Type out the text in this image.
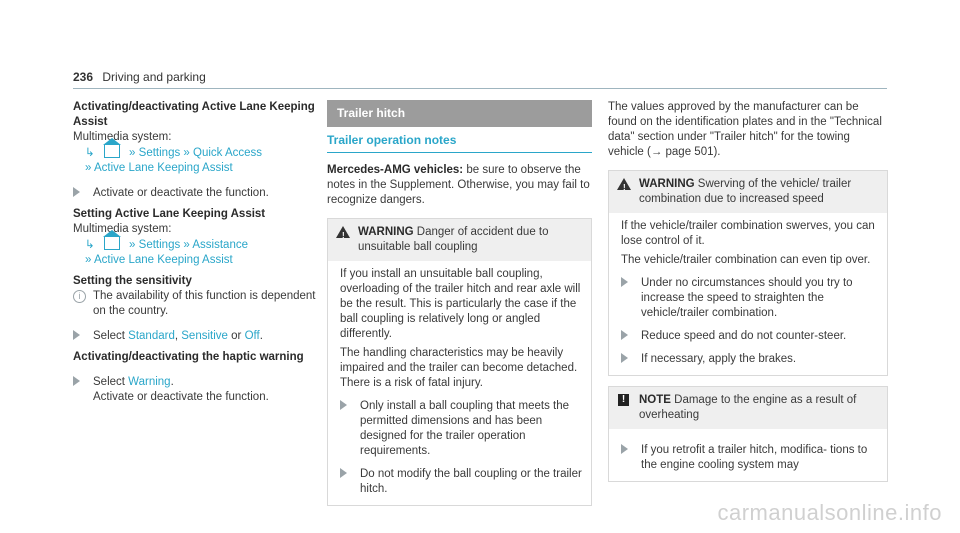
236 Driving and parking
Activating/deactivating Active Lane Keeping Assist
Multimedia system:
↳	» Settings » Quick Access
» Active Lane Keeping Assist
Activate or deactivate the function.
Setting Active Lane Keeping Assist
Multimedia system:
↳	» Settings » Assistance
» Active Lane Keeping Assist
Setting the sensitivity
i	The availability of this function is dependent on the country.
Select Standard, Sensitive or Off.
Activating/deactivating the haptic warning
Select Warning.
Activate or deactivate the function.
Trailer hitch
Trailer operation notes
Mercedes-AMG vehicles: be sure to observe the notes in the Supplement. Otherwise, you may fail to recognize dangers.
! WARNING Danger of accident due to unsuitable ball coupling

If you install an unsuitable ball coupling, overloading of the trailer hitch and rear axle will be the result. This is particularly the case if the ball coupling is relatively long or angled differently.

The handling characteristics may be heavily impaired and the trailer can become detached. There is a risk of fatal injury.

Only install a ball coupling that meets the permitted dimensions and has been designed for the trailer operation requirements.
Do not modify the ball coupling or the trailer hitch.
The values approved by the manufacturer can be found on the identification plates and in the "Technical data" section under "Trailer hitch" for the towing vehicle (→ page 501).
! WARNING Swerving of the vehicle/ trailer combination due to increased speed

If the vehicle/trailer combination swerves, you can lose control of it.

The vehicle/trailer combination can even tip over.

Under no circumstances should you try to increase the speed to straighten the vehicle/trailer combination.
Reduce speed and do not counter-steer.
If necessary, apply the brakes.
!	NOTE Damage to the engine as a result of overheating
If you retrofit a trailer hitch, modifica- tions to the engine cooling system may
carmanualsonline.info
